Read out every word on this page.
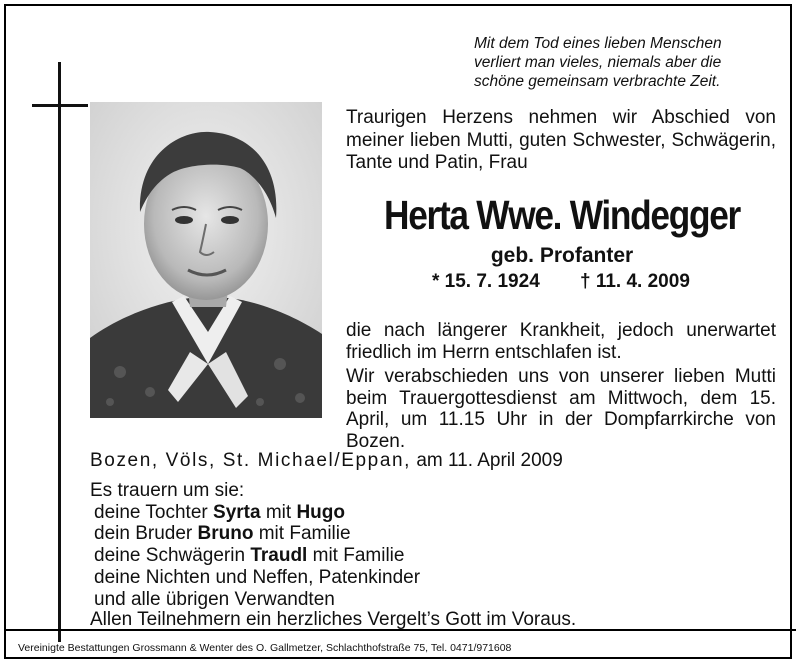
Mit dem Tod eines lieben Menschen
verliert man vieles, niemals aber die
schöne gemeinsam verbrachte Zeit.
Traurigen Herzens nehmen wir Abschied von meiner lieben Mutti, guten Schwester, Schwägerin, Tante und Patin, Frau
Herta Wwe. Windegger
geb. Profanter
* 15. 7. 1924 † 11. 4. 2009
die nach längerer Krankheit, jedoch unerwartet friedlich im Herrn entschlafen ist.
Wir verabschieden uns von unserer lieben Mutti beim Trauergottesdienst am Mittwoch, dem 15. April, um 11.15 Uhr in der Dompfarrkirche von Bozen.
Bozen, Völs, St. Michael/Eppan, am 11. April 2009
Es trauern um sie:
deine Tochter Syrta mit Hugo
dein Bruder Bruno mit Familie
deine Schwägerin Traudl mit Familie
deine Nichten und Neffen, Patenkinder
und alle übrigen Verwandten
Allen Teilnehmern ein herzliches Vergelt’s Gott im Voraus.
Vereinigte Bestattungen Grossmann & Wenter des O. Gallmetzer, Schlachthofstraße 75, Tel. 0471/971608
